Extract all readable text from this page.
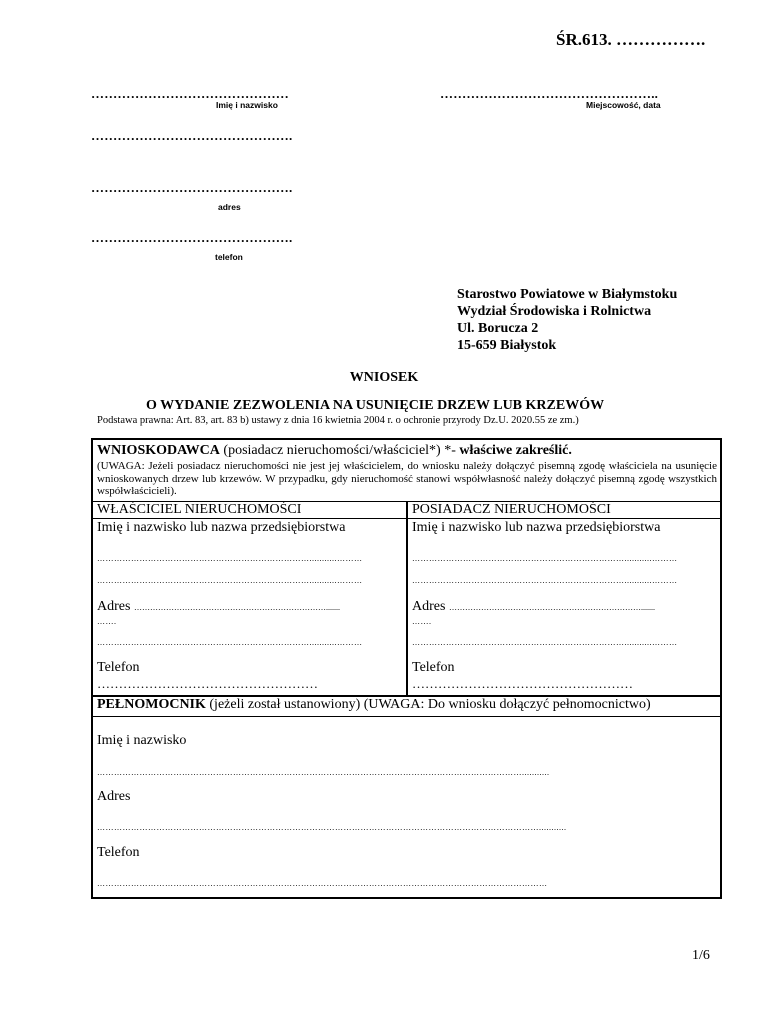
ŚR.613. …………….
………………………………………
Imię i nazwisko
…………………………………………..
Miejscowość, data
……………………………………….
……………………………………….
adres
……………………………………….
telefon
Starostwo Powiatowe w Białymstoku
Wydział Środowiska i Rolnictwa
Ul. Borucza 2
15-659 Białystok
WNIOSEK
O WYDANIE ZEZWOLENIA NA USUNIĘCIE DRZEW LUB KRZEWÓW
Podstawa prawna: Art. 83, art. 83 b) ustawy z dnia 16 kwietnia 2004 r. o ochronie przyrody Dz.U. 2020.55 ze zm.)
WNIOSKODAWCA (posiadacz nieruchomości/właściciel*) *- właściwe zakreślić.
(UWAGA: Jeżeli posiadacz nieruchomości nie jest jej właścicielem, do wniosku należy dołączyć pisemną zgodę właściciela na usunięcie wnioskowanych drzew lub krzewów. W przypadku, gdy nieruchomość stanowi współwłasność należy dołączyć pisemną zgodę wszystkich współwłaścicieli).
WŁAŚCICIEL NIERUCHOMOŚCI
Imię i nazwisko lub nazwa przedsiębiorstwa
…………………………………………………………………...........………
…………………………………………………………………...........………
Adres ……………………………………………………………….......
…….
…………………………………………………………………...........………
Telefon
……………………………………………
POSIADACZ NIERUCHOMOŚCI
Imię i nazwisko lub nazwa przedsiębiorstwa
…………………………………………………………………...........………
…………………………………………………………………...........………
Adres ……………………………………………………………….......
…….
…………………………………………………………………...........………
Telefon
……………………………………………
PEŁNOMOCNIK (jeżeli został ustanowiony) (UWAGA: Do wniosku dołączyć pełnomocnictwo)
Imię i nazwisko
……………………………………………………………………………………………………………………………………...........
Adres
…………………………………………………………………………………………………………………………………………...........
Telefon
……………………………………………………………………………………………………………………………………………
1/6
